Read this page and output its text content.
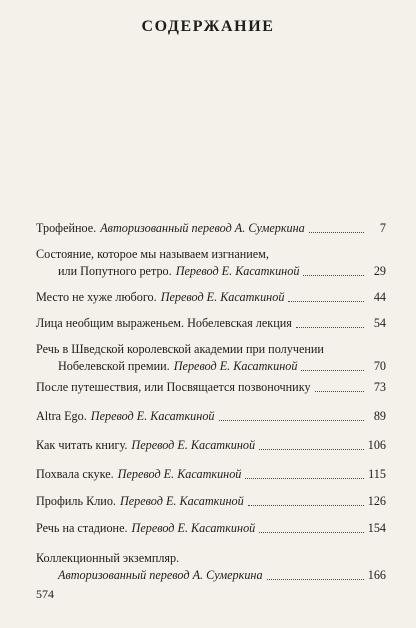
СОДЕРЖАНИЕ
Трофейное. Авторизованный перевод А. Сумеркина	7
Состояние, которое мы называем изгнанием,
или Попутного ретро. Перевод Е. Касаткиной	29
Место не хуже любого. Перевод Е. Касаткиной	44
Лица необщим выраженьем. Нобелевская лекция	54
Речь в Шведской королевской академии при получении
Нобелевской премии. Перевод Е. Касаткиной	70
После путешествия, или Посвящается позвоночнику	73
Altra Ego. Перевод Е. Касаткиной	89
Как читать книгу. Перевод Е. Касаткиной	106
Похвала скуке. Перевод Е. Касаткиной	115
Профиль Клио. Перевод Е. Касаткиной	126
Речь на стадионе. Перевод Е. Касаткиной	154
Коллекционный экземпляр.
Авторизованный перевод А. Сумеркина	166
574
